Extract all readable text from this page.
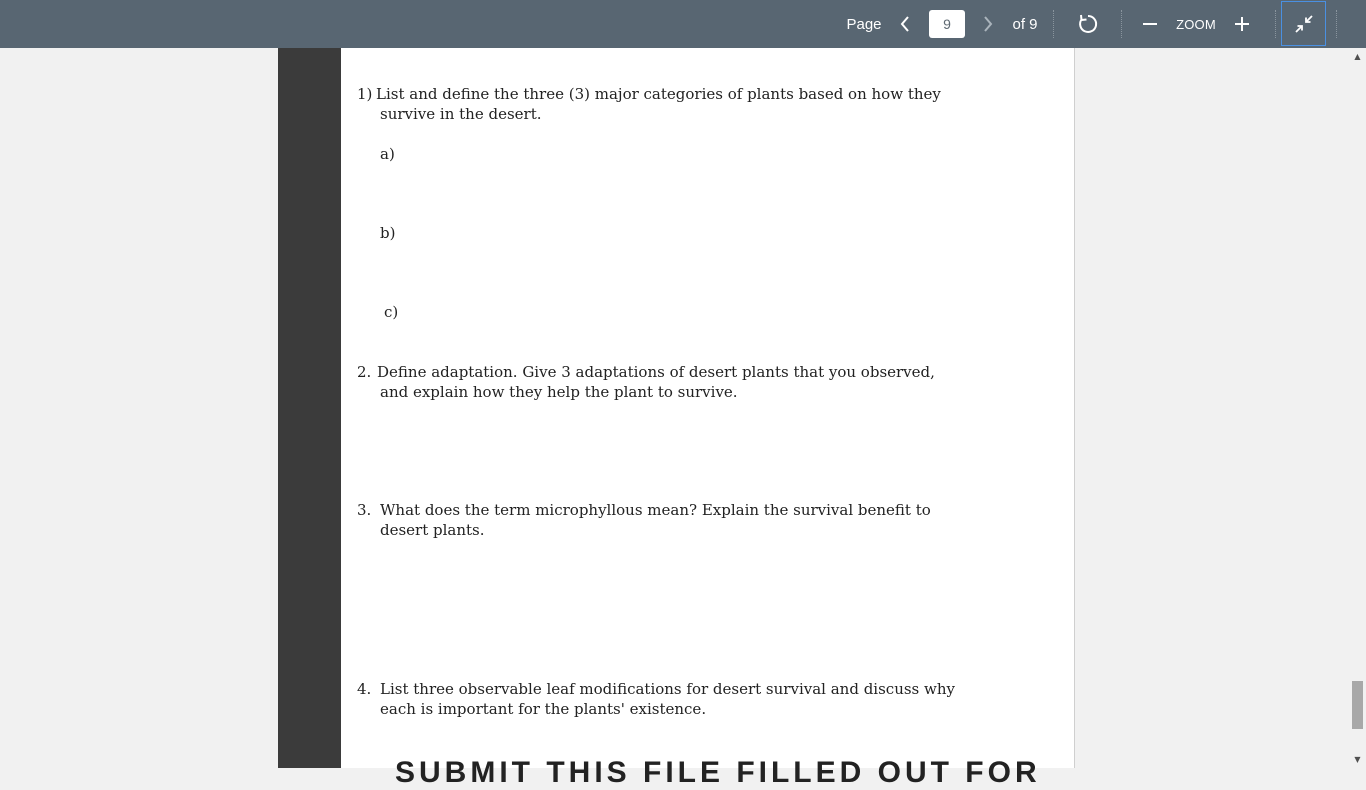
Page
9	of 9	ZOOM
1) List and define the three (3) major categories of plants based on how they
survive in the desert.
a)
b)
c)
2. Define adaptation. Give 3 adaptations of desert plants that you observed,
and explain how they help the plant to survive.
3. What does the term microphyllous mean? Explain the survival benefit to
desert plants.
4. List three observable leaf modifications for desert survival and discuss why
each is important for the plants' existence.
SUBMIT THIS FILE FILLED OUT FOR
▲
▼
